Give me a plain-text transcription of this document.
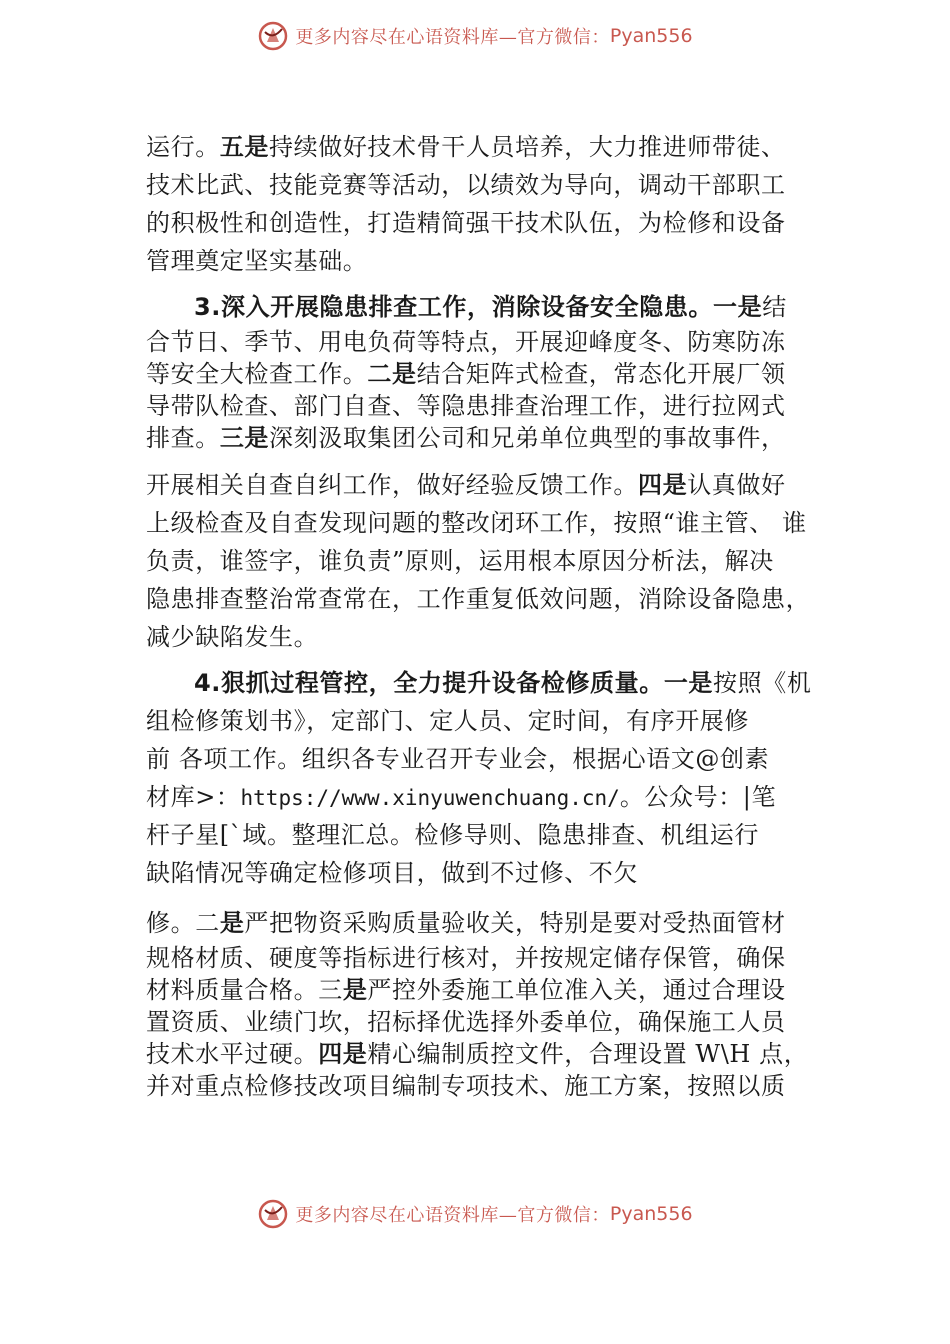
更多内容尽在心语资料库—官方微信： Pyan556
运行。五是持续做好技术骨干人员培养，大力推进师带徒、
技术比武、技能竞赛等活动，以绩效为导向，调动干部职工
的积极性和创造性，打造精简强干技术队伍，为检修和设备
管理奠定坚实基础。
3.深入开展隐患排查工作，消除设备安全隐患。一是结
合节日、季节、用电负荷等特点，开展迎峰度冬、防寒防冻
等安全大检查工作。二是结合矩阵式检查，常态化开展厂领
导带队检查、部门自查、等隐患排查治理工作，进行拉网式
排查。三是深刻汲取集团公司和兄弟单位典型的事故事件，
开展相关自查自纠工作，做好经验反馈工作。四是认真做好
上级检查及自查发现问题的整改闭环工作，按照“谁主管、 谁
负责，谁签字，谁负责”原则，运用根本原因分析法，解决
隐患排查整治常查常在，工作重复低效问题，消除设备隐患，
减少缺陷发生。
4.狠抓过程管控，全力提升设备检修质量。一是按照《机
组检修策划书》，定部门、定人员、定时间，有序开展修
前 各项工作。组织各专业召开专业会，根据心语文@创素
材库>：https://www.xinyuwenchuang.cn/。公众号：|笔
杆子星[`域。整理汇总。检修导则、隐患排查、机组运行
缺陷情况等确定检修项目，做到不过修、不欠
修。二是严把物资采购质量验收关，特别是要对受热面管材
规格材质、硬度等指标进行核对，并按规定储存保管，确保
材料质量合格。三是严控外委施工单位准入关，通过合理设
置资质、业绩门坎，招标择优选择外委单位，确保施工人员
技术水平过硬。四是精心编制质控文件，合理设置 W\H 点，
并对重点检修技改项目编制专项技术、施工方案，按照以质
更多内容尽在心语资料库—官方微信： Pyan556
